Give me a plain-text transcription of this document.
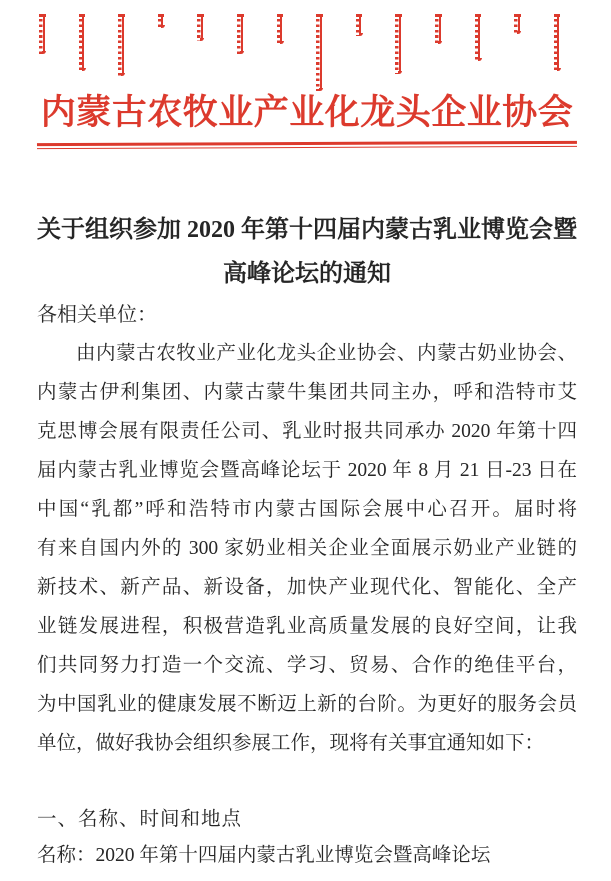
内蒙古农牧业产业化龙头企业协会
关于组织参加 2020 年第十四届内蒙古乳业博览会暨
高峰论坛的通知
各相关单位：
由内蒙古农牧业产业化龙头企业协会、内蒙古奶业协会、
内蒙古伊利集团、内蒙古蒙牛集团共同主办，呼和浩特市艾
克思博会展有限责任公司、乳业时报共同承办 2020 年第十四
届内蒙古乳业博览会暨高峰论坛于 2020 年 8 月 21 日-23 日在
中国“乳都”呼和浩特市内蒙古国际会展中心召开。届时将
有来自国内外的 300 家奶业相关企业全面展示奶业产业链的
新技术、新产品、新设备，加快产业现代化、智能化、全产
业链发展进程，积极营造乳业高质量发展的良好空间，让我
们共同努力打造一个交流、学习、贸易、合作的绝佳平台，
为中国乳业的健康发展不断迈上新的台阶。为更好的服务会员
单位，做好我协会组织参展工作，现将有关事宜通知如下：
一、名称、时间和地点
名称：2020 年第十四届内蒙古乳业博览会暨高峰论坛
